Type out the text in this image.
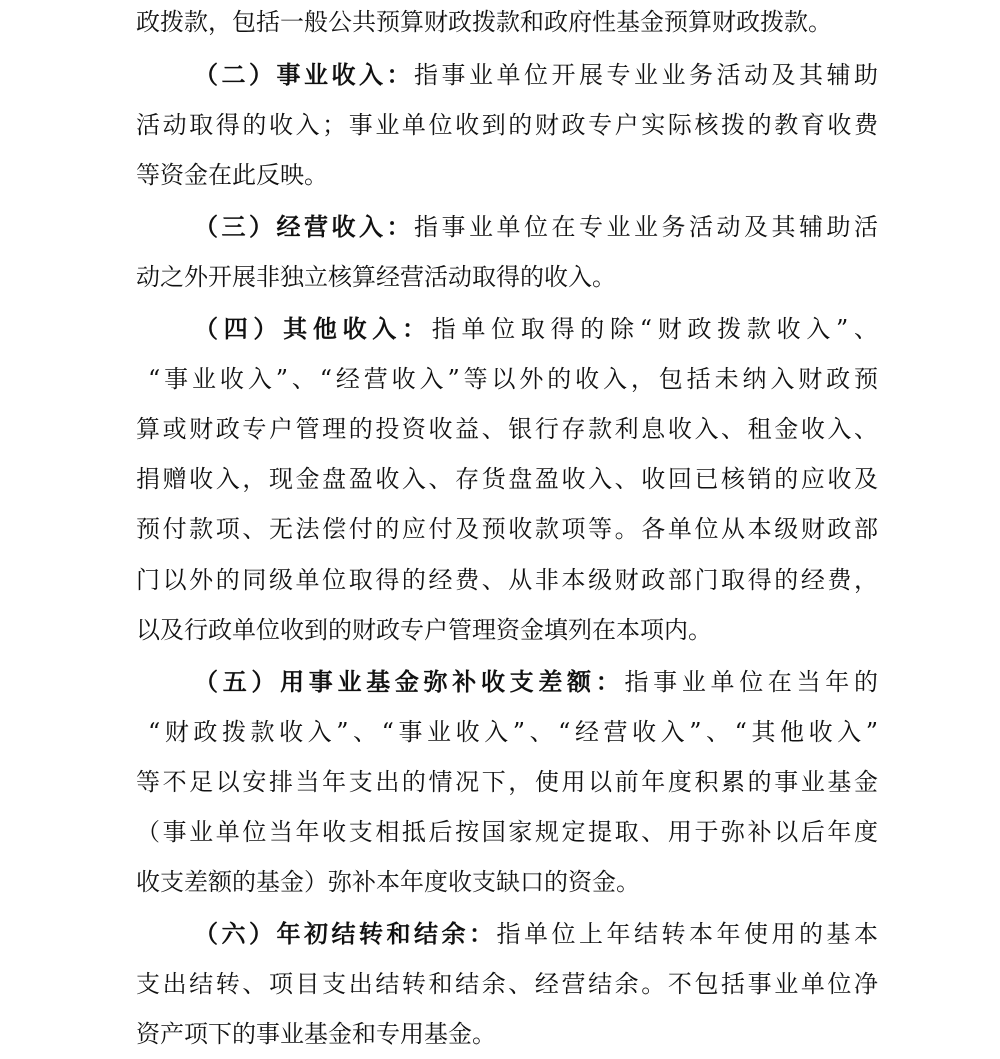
政拨款，包括一般公共预算财政拨款和政府性基金预算财政拨款。
（二）事业收入：指事业单位开展专业业务活动及其辅助
活动取得的收入；事业单位收到的财政专户实际核拨的教育收费
等资金在此反映。
（三）经营收入：指事业单位在专业业务活动及其辅助活
动之外开展非独立核算经营活动取得的收入。
（四）其他收入：指单位取得的除“财政拨款收入”、
“事业收入”、“经营收入”等以外的收入，包括未纳入财政预
算或财政专户管理的投资收益、银行存款利息收入、租金收入、
捐赠收入，现金盘盈收入、存货盘盈收入、收回已核销的应收及
预付款项、无法偿付的应付及预收款项等。各单位从本级财政部
门以外的同级单位取得的经费、从非本级财政部门取得的经费，
以及行政单位收到的财政专户管理资金填列在本项内。
（五）用事业基金弥补收支差额：指事业单位在当年的
“财政拨款收入”、“事业收入”、“经营收入”、“其他收入”
等不足以安排当年支出的情况下，使用以前年度积累的事业基金
（事业单位当年收支相抵后按国家规定提取、用于弥补以后年度
收支差额的基金）弥补本年度收支缺口的资金。
（六）年初结转和结余：指单位上年结转本年使用的基本
支出结转、项目支出结转和结余、经营结余。不包括事业单位净
资产项下的事业基金和专用基金。
